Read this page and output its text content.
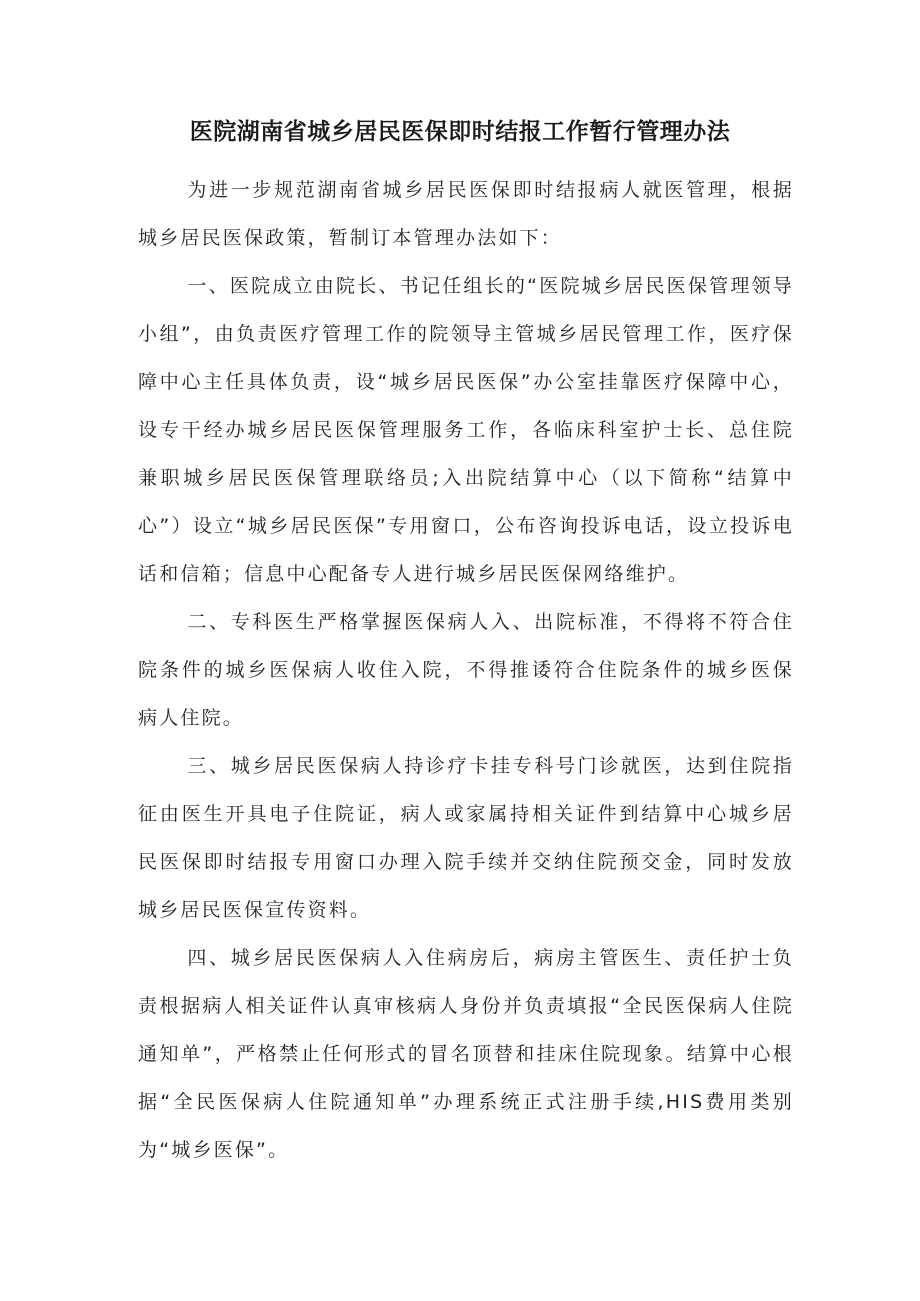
医院湖南省城乡居民医保即时结报工作暂行管理办法

为进一步规范湖南省城乡居民医保即时结报病人就医管理，根据城乡居民医保政策，暂制订本管理办法如下：

一、医院成立由院长、书记任组长的“医院城乡居民医保管理领导小组”，由负责医疗管理工作的院领导主管城乡居民管理工作，医疗保障中心主任具体负责，设“城乡居民医保”办公室挂靠医疗保障中心，设专干经办城乡居民医保管理服务工作，各临床科室护士长、总住院兼职城乡居民医保管理联络员;入出院结算中心（以下简称“结算中心”）设立“城乡居民医保”专用窗口，公布咨询投诉电话，设立投诉电话和信箱；信息中心配备专人进行城乡居民医保网络维护。

二、专科医生严格掌握医保病人入、出院标准，不得将不符合住院条件的城乡医保病人收住入院，不得推诿符合住院条件的城乡医保病人住院。

三、城乡居民医保病人持诊疗卡挂专科号门诊就医，达到住院指征由医生开具电子住院证，病人或家属持相关证件到结算中心城乡居民医保即时结报专用窗口办理入院手续并交纳住院预交金，同时发放城乡居民医保宣传资料。

四、城乡居民医保病人入住病房后，病房主管医生、责任护士负责根据病人相关证件认真审核病人身份并负责填报“全民医保病人住院通知单”，严格禁止任何形式的冒名顶替和挂床住院现象。结算中心根据“全民医保病人住院通知单”办理系统正式注册手续,HIS费用类别为“城乡医保”。
